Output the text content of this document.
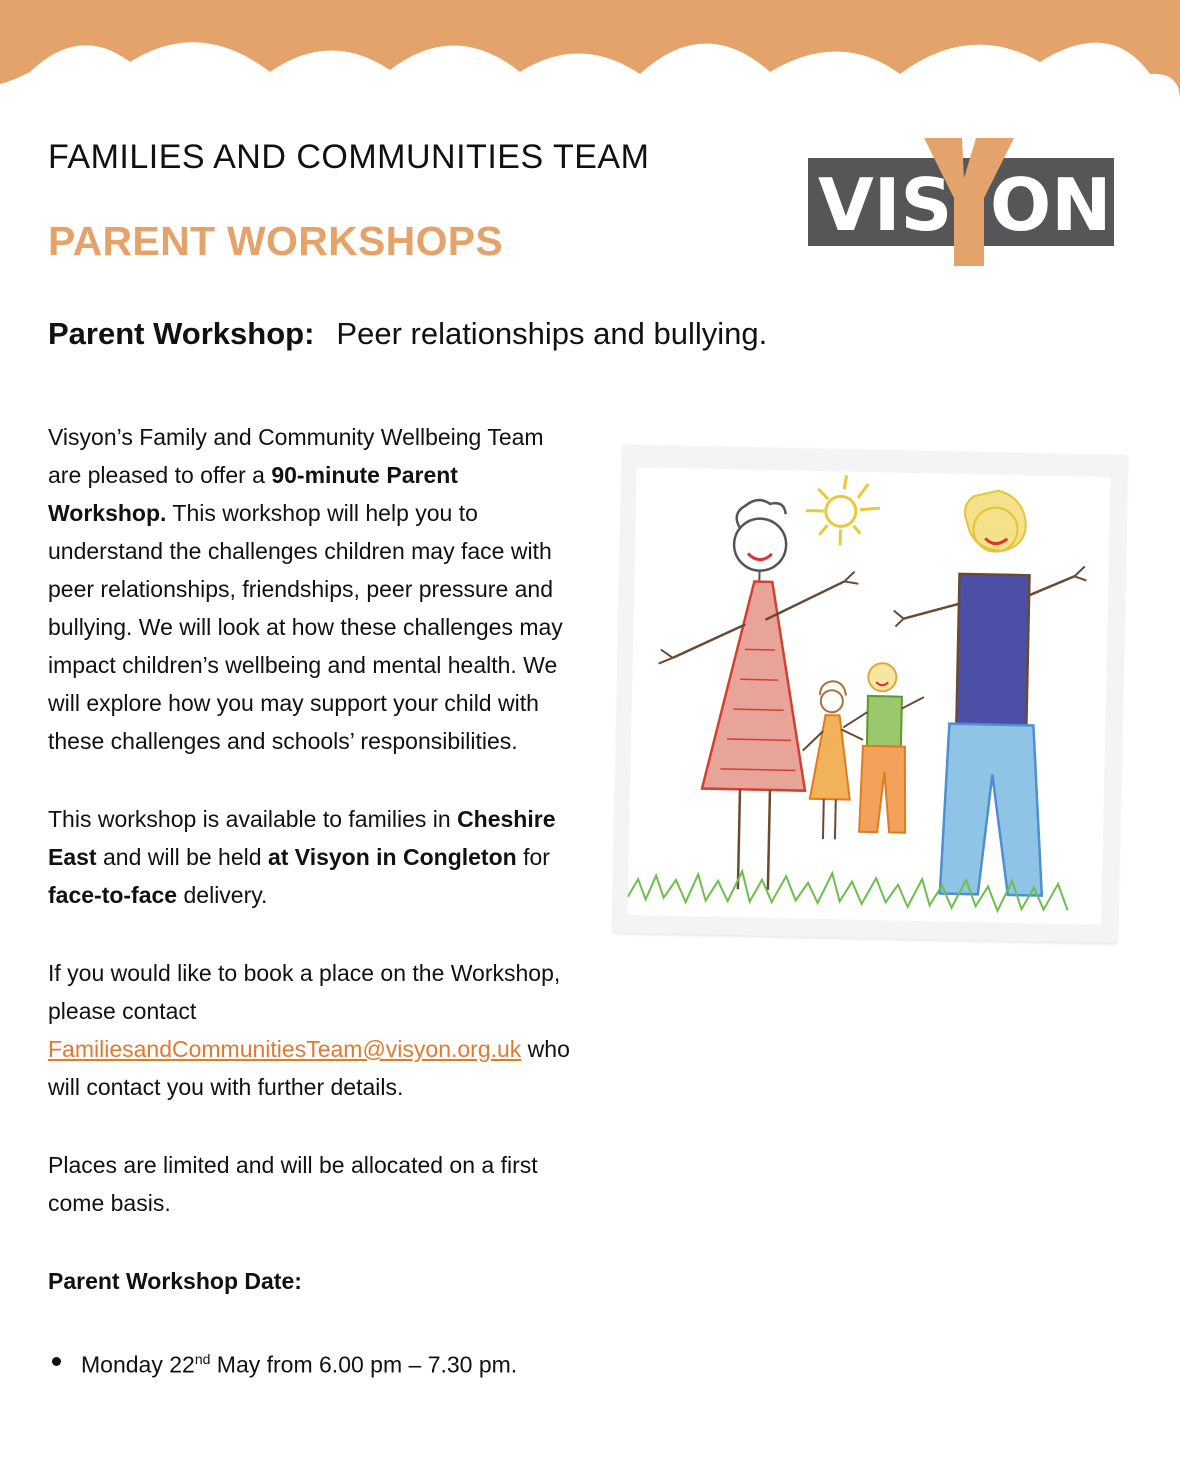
FAMILIES AND COMMUNITIES TEAM
PARENT WORKSHOPS	VIS ON

Parent Workshop: Peer relationships and bullying.

Visyon’s Family and Community Wellbeing Team are pleased to offer a 90-minute Parent Workshop. This workshop will help you to understand the challenges children may face with peer relationships, friendships, peer pressure and bullying. We will look at how these challenges may impact children’s wellbeing and mental health. We will explore how you may support your child with these challenges and schools’ responsibilities.

This workshop is available to families in Cheshire East and will be held at Visyon in Congleton for face-to-face delivery.

If you would like to book a place on the Workshop, please contact FamiliesandCommunitiesTeam@visyon.org.uk who will contact you with further details.

Places are limited and will be allocated on a first come basis.

Parent Workshop Date:

Monday 22nd May from 6.00 pm – 7.30 pm.
